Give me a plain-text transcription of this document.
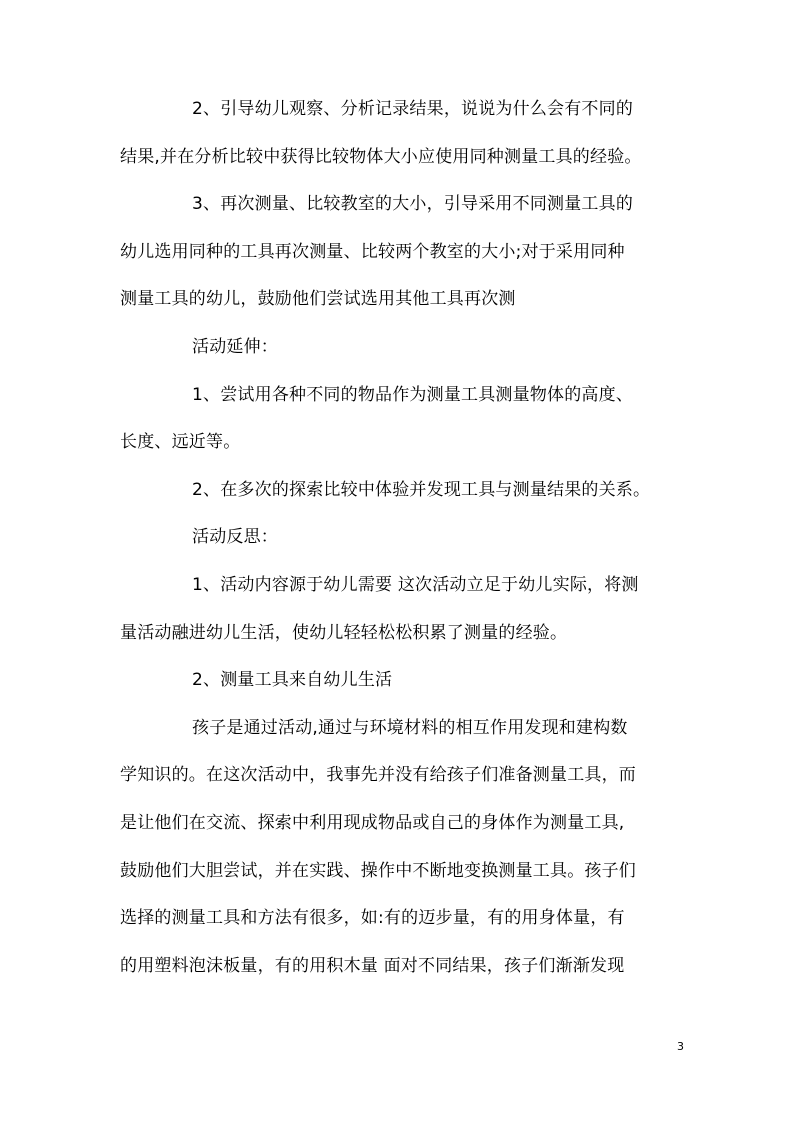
2、引导幼儿观察、分析记录结果，说说为什么会有不同的
结果,并在分析比较中获得比较物体大小应使用同种测量工具的经验。
3、再次测量、比较教室的大小，引导采用不同测量工具的
幼儿选用同种的工具再次测量、比较两个教室的大小;对于采用同种
测量工具的幼儿，鼓励他们尝试选用其他工具再次测
活动延伸：
1、尝试用各种不同的物品作为测量工具测量物体的高度、
长度、远近等。
2、在多次的探索比较中体验并发现工具与测量结果的关系。
活动反思：
1、活动内容源于幼儿需要 这次活动立足于幼儿实际，将测
量活动融进幼儿生活，使幼儿轻轻松松积累了测量的经验。
2、测量工具来自幼儿生活
孩子是通过活动,通过与环境材料的相互作用发现和建构数
学知识的。在这次活动中，我事先并没有给孩子们准备测量工具，而
是让他们在交流、探索中利用现成物品或自己的身体作为测量工具,
鼓励他们大胆尝试，并在实践、操作中不断地变换测量工具。孩子们
选择的测量工具和方法有很多，如:有的迈步量，有的用身体量，有
的用塑料泡沫板量，有的用积木量 面对不同结果，孩子们渐渐发现
3
